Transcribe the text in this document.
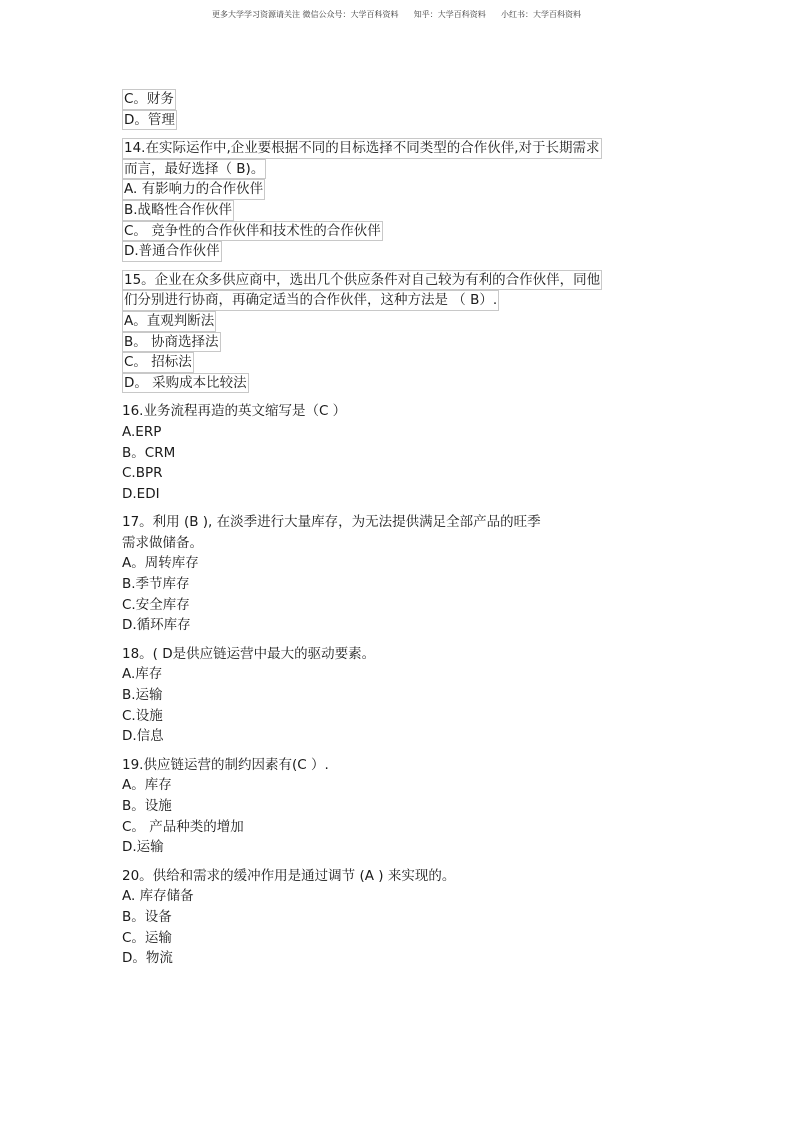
更多大学学习资源请关注 微信公众号：大学百科资料      知乎：大学百科资料      小红书：大学百科资料
C。财务
D。管理
14.在实际运作中,企业要根据不同的目标选择不同类型的合作伙伴,对于长期需求
而言，最好选择（ B)。
A. 有影响力的合作伙伴
B.战略性合作伙伴
C。 竞争性的合作伙伴和技术性的合作伙伴
D.普通合作伙伴
15。企业在众多供应商中，选出几个供应条件对自己较为有利的合作伙伴，同他
们分别进行协商，再确定适当的合作伙伴，这种方法是 （ B）.
A。直观判断法
B。 协商选择法
C。 招标法
D。 采购成本比较法
16.业务流程再造的英文缩写是（C ）
A.ERP
B。CRM
C.BPR
D.EDI
17。利用 (B ), 在淡季进行大量库存，为无法提供满足全部产品的旺季
需求做储备。
A。周转库存
B.季节库存
C.安全库存
D.循环库存
18。( D是供应链运营中最大的驱动要素。
A.库存
B.运输
C.设施
D.信息
19.供应链运营的制约因素有(C ）.
A。库存
B。设施
C。 产品种类的增加
D.运输
20。供给和需求的缓冲作用是通过调节 (A ) 来实现的。
A. 库存储备
B。设备
C。运输
D。物流
